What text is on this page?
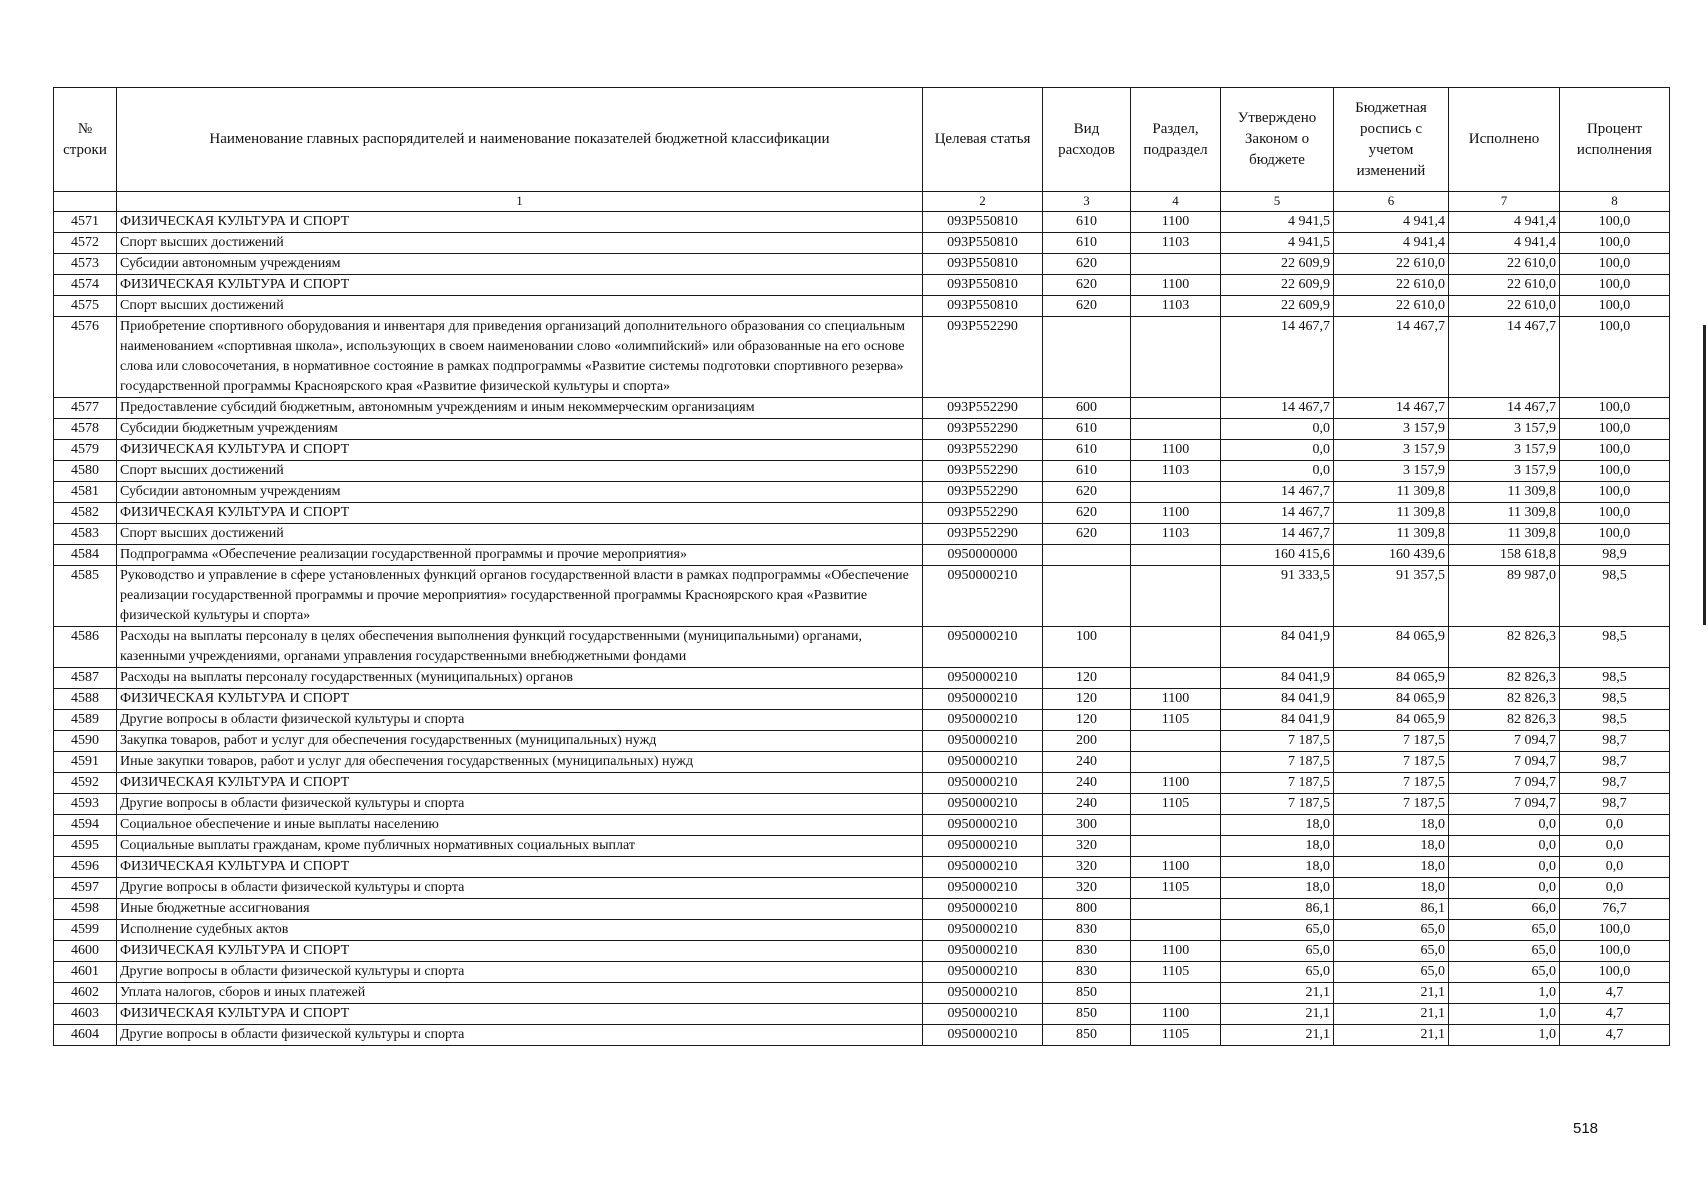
№ строки	Наименование главных распорядителей и наименование показателей бюджетной классификации	Целевая статья	Вид расходов	Раздел, подраздел	Утверждено Законом о бюджете	Бюджетная роспись с учетом изменений	Исполнено	Процент исполнения
	1	2	3	4	5	6	7	8
4571	ФИЗИЧЕСКАЯ КУЛЬТУРА И СПОРТ	093Р550810	610	1100	4 941,5	4 941,4	4 941,4	100,0
4572	Спорт высших достижений	093Р550810	610	1103	4 941,5	4 941,4	4 941,4	100,0
4573	Субсидии автономным учреждениям	093Р550810	620		22 609,9	22 610,0	22 610,0	100,0
4574	ФИЗИЧЕСКАЯ КУЛЬТУРА И СПОРТ	093Р550810	620	1100	22 609,9	22 610,0	22 610,0	100,0
4575	Спорт высших достижений	093Р550810	620	1103	22 609,9	22 610,0	22 610,0	100,0
4576	Приобретение спортивного оборудования и инвентаря для приведения организаций дополнительного образования со специальным наименованием «спортивная школа», использующих в своем наименовании слово «олимпийский» или образованные на его основе слова или словосочетания, в нормативное состояние в рамках подпрограммы «Развитие системы подготовки спортивного резерва» государственной программы Красноярского края «Развитие физической культуры и спорта»	093Р552290			14 467,7	14 467,7	14 467,7	100,0
4577	Предоставление субсидий бюджетным, автономным учреждениям и иным некоммерческим организациям	093Р552290	600		14 467,7	14 467,7	14 467,7	100,0
4578	Субсидии бюджетным учреждениям	093Р552290	610		0,0	3 157,9	3 157,9	100,0
4579	ФИЗИЧЕСКАЯ КУЛЬТУРА И СПОРТ	093Р552290	610	1100	0,0	3 157,9	3 157,9	100,0
4580	Спорт высших достижений	093Р552290	610	1103	0,0	3 157,9	3 157,9	100,0
4581	Субсидии автономным учреждениям	093Р552290	620		14 467,7	11 309,8	11 309,8	100,0
4582	ФИЗИЧЕСКАЯ КУЛЬТУРА И СПОРТ	093Р552290	620	1100	14 467,7	11 309,8	11 309,8	100,0
4583	Спорт высших достижений	093Р552290	620	1103	14 467,7	11 309,8	11 309,8	100,0
4584	Подпрограмма «Обеспечение реализации государственной программы и прочие мероприятия»	0950000000			160 415,6	160 439,6	158 618,8	98,9
4585	Руководство и управление в сфере установленных функций органов государственной власти в рамках подпрограммы «Обеспечение реализации государственной программы и прочие мероприятия» государственной программы Красноярского края «Развитие физической культуры и спорта»	0950000210			91 333,5	91 357,5	89 987,0	98,5
4586	Расходы на выплаты персоналу в целях обеспечения выполнения функций государственными (муниципальными) органами, казенными учреждениями, органами управления государственными внебюджетными фондами	0950000210	100		84 041,9	84 065,9	82 826,3	98,5
4587	Расходы на выплаты персоналу государственных (муниципальных) органов	0950000210	120		84 041,9	84 065,9	82 826,3	98,5
4588	ФИЗИЧЕСКАЯ КУЛЬТУРА И СПОРТ	0950000210	120	1100	84 041,9	84 065,9	82 826,3	98,5
4589	Другие вопросы в области физической культуры и спорта	0950000210	120	1105	84 041,9	84 065,9	82 826,3	98,5
4590	Закупка товаров, работ и услуг для обеспечения государственных (муниципальных) нужд	0950000210	200		7 187,5	7 187,5	7 094,7	98,7
4591	Иные закупки товаров, работ и услуг для обеспечения государственных (муниципальных) нужд	0950000210	240		7 187,5	7 187,5	7 094,7	98,7
4592	ФИЗИЧЕСКАЯ КУЛЬТУРА И СПОРТ	0950000210	240	1100	7 187,5	7 187,5	7 094,7	98,7
4593	Другие вопросы в области физической культуры и спорта	0950000210	240	1105	7 187,5	7 187,5	7 094,7	98,7
4594	Социальное обеспечение и иные выплаты населению	0950000210	300		18,0	18,0	0,0	0,0
4595	Социальные выплаты гражданам, кроме публичных нормативных социальных выплат	0950000210	320		18,0	18,0	0,0	0,0
4596	ФИЗИЧЕСКАЯ КУЛЬТУРА И СПОРТ	0950000210	320	1100	18,0	18,0	0,0	0,0
4597	Другие вопросы в области физической культуры и спорта	0950000210	320	1105	18,0	18,0	0,0	0,0
4598	Иные бюджетные ассигнования	0950000210	800		86,1	86,1	66,0	76,7
4599	Исполнение судебных актов	0950000210	830		65,0	65,0	65,0	100,0
4600	ФИЗИЧЕСКАЯ КУЛЬТУРА И СПОРТ	0950000210	830	1100	65,0	65,0	65,0	100,0
4601	Другие вопросы в области физической культуры и спорта	0950000210	830	1105	65,0	65,0	65,0	100,0
4602	Уплата налогов, сборов и иных платежей	0950000210	850		21,1	21,1	1,0	4,7
4603	ФИЗИЧЕСКАЯ КУЛЬТУРА И СПОРТ	0950000210	850	1100	21,1	21,1	1,0	4,7
4604	Другие вопросы в области физической культуры и спорта	0950000210	850	1105	21,1	21,1	1,0	4,7
518
